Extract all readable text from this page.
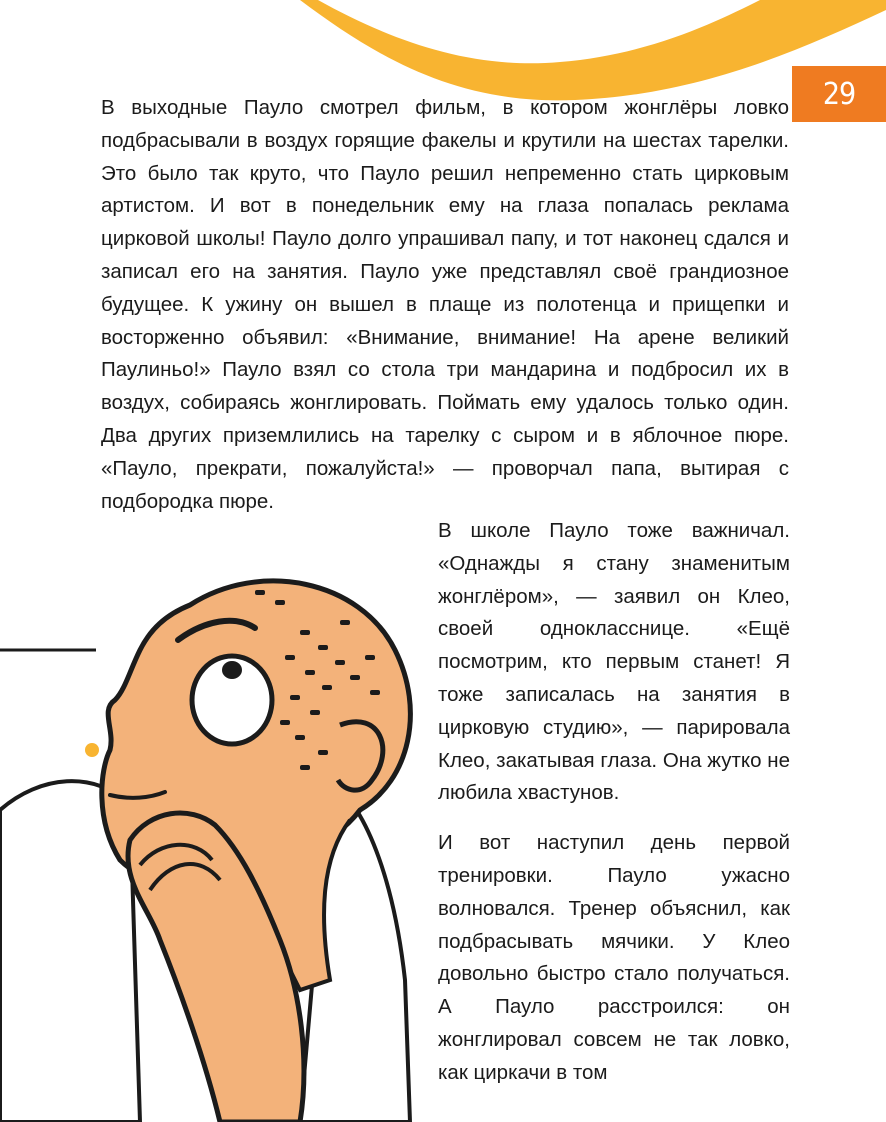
29

В выходные Пауло смотрел фильм, в котором жонглёры ловко подбрасывали в воздух горящие факелы и крутили на шестах тарелки. Это было так круто, что Пауло решил непременно стать цирковым артистом. И вот в понедельник ему на глаза попалась реклама цирковой школы! Пауло долго упрашивал папу, и тот наконец сдался и записал его на занятия. Пауло уже представлял своё грандиозное будущее. К ужину он вышел в плаще из полотенца и прищепки и восторженно объявил: «Внимание, внимание! На арене великий Паулиньо!» Пауло взял со стола три мандарина и подбросил их в воздух, собираясь жонглировать. Поймать ему удалось только один. Два других приземлились на тарелку с сыром и в яблочное пюре. «Пауло, прекрати, пожалуйста!» — проворчал папа, вытирая с подбородка пюре.

В школе Пауло тоже важничал. «Однажды я стану знаменитым жонглёром», — заявил он Клео, своей однокласснице. «Ещё посмотрим, кто первым станет! Я тоже записалась на занятия в цирковую студию», — парировала Клео, закатывая глаза. Она жутко не любила хвастунов.

И вот наступил день первой тренировки. Пауло ужасно волновался. Тренер объяснил, как подбрасывать мячики. У Клео довольно быстро стало получаться. А Пауло расстроился: он жонглировал совсем не так ловко, как циркачи в том
